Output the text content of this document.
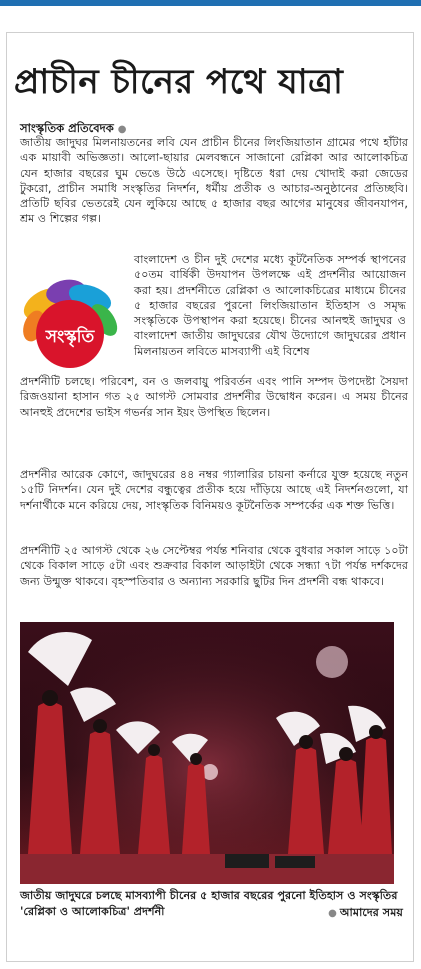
প্রাচীন চীনের পথে যাত্রা
সাংস্কৃতিক প্রতিবেদক ●

জাতীয় জাদুঘর মিলনায়তনের লবি যেন প্রাচীন চীনের লিংজিয়াতান গ্রামের পথে হাঁটার এক মায়াবী অভিজ্ঞতা। আলো-ছায়ার মেলবন্ধনে সাজানো রেপ্লিকা আর আলোকচিত্র যেন হাজার বছরের ঘুম ভেঙে উঠে এসেছে। দৃষ্টিতে ধরা দেয় খোদাই করা জেডের টুকরো, প্রাচীন সমাধি সংস্কৃতির নিদর্শন, ধর্মীয় প্রতীক ও আচার-অনুষ্ঠানের প্রতিচ্ছবি। প্রতিটি ছবির ভেতরেই যেন লুকিয়ে আছে ৫ হাজার বছর আগের মানুষের জীবনযাপন, শ্রম ও শিল্পের গল্প।

সংস্কৃতি

বাংলাদেশ ও চীন দুই দেশের মধ্যে কূটনৈতিক সম্পর্ক স্থাপনের ৫০তম বার্ষিকী উদযাপন উপলক্ষে এই প্রদর্শনীর আয়োজন করা হয়। প্রদর্শনীতে রেপ্লিকা ও আলোকচিত্রের মাধ্যমে চীনের ৫ হাজার বছরের পুরনো লিংজিয়াতান ইতিহাস ও সমৃদ্ধ সংস্কৃতিকে উপস্থাপন করা হয়েছে। চীনের আনহুই জাদুঘর ও বাংলাদেশ জাতীয় জাদুঘরের যৌথ উদ্যোগে জাদুঘরের প্রধান মিলনায়তন লবিতে মাসব্যাপী এই বিশেষ

প্রদর্শনীটি চলছে। পরিবেশ, বন ও জলবায়ু পরিবর্তন এবং পানি সম্পদ উপদেষ্টা সৈয়দা রিজওয়ানা হাসান গত ২৫ আগস্ট সোমবার প্রদর্শনীর উদ্বোধন করেন। এ সময় চীনের আনহুই প্রদেশের ভাইস গভর্নর সান ইয়ং উপস্থিত ছিলেন।

প্রদর্শনীর আরেক কোণে, জাদুঘরের ৪৪ নম্বর গ্যালারির চায়না কর্নারে যুক্ত হয়েছে নতুন ১৫টি নিদর্শন। যেন দুই দেশের বন্ধুত্বের প্রতীক হয়ে দাঁড়িয়ে আছে এই নিদর্শনগুলো, যা দর্শনার্থীকে মনে করিয়ে দেয়, সাংস্কৃতিক বিনিময়ও কূটনৈতিক সম্পর্কের এক শক্ত ভিত্তি।

প্রদর্শনীটি ২৫ আগস্ট থেকে ২৬ সেপ্টেম্বর পর্যন্ত শনিবার থেকে বুধবার সকাল সাড়ে ১০টা থেকে বিকাল সাড়ে ৫টা এবং শুক্রবার বিকাল আড়াইটা থেকে সন্ধ্যা ৭টা পর্যন্ত দর্শকদের জন্য উন্মুক্ত থাকবে। বৃহস্পতিবার ও অন্যান্য সরকারি ছুটির দিন প্রদর্শনী বন্ধ থাকবে।

জাতীয় জাদুঘরে চলছে মাসব্যাপী চীনের ৫ হাজার বছরের পুরনো ইতিহাস ও সংস্কৃতির 'রেপ্লিকা ও আলোকচিত্র' প্রদর্শনী	● আমাদের সময়
